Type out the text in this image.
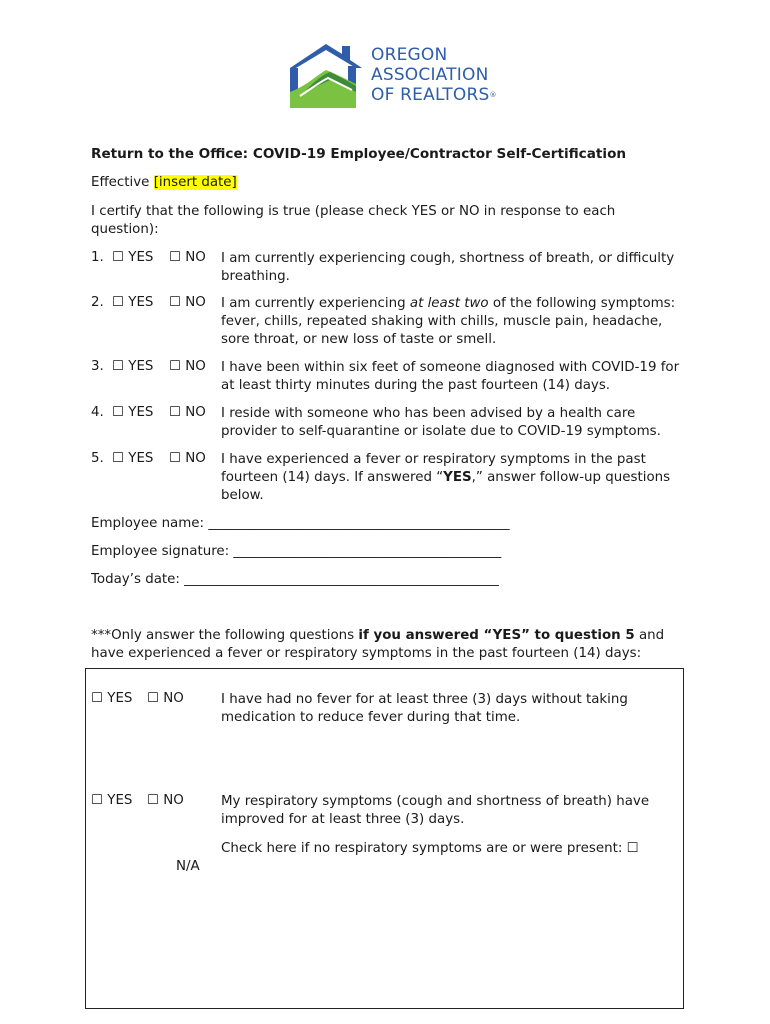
OREGON
ASSOCIATION
OF REALTORS®
Return to the Office: COVID-19 Employee/Contractor Self-Certification
Effective [insert date]
I certify that the following is true (please check YES or NO in response to each question):
1. ☐ YES ☐ NO I am currently experiencing cough, shortness of breath, or difficulty breathing.
2. ☐ YES ☐ NO I am currently experiencing at least two of the following symptoms: fever, chills, repeated shaking with chills, muscle pain, headache, sore throat, or new loss of taste or smell.
3. ☐ YES ☐ NO I have been within six feet of someone diagnosed with COVID-19 for at least thirty minutes during the past fourteen (14) days.
4. ☐ YES ☐ NO I reside with someone who has been advised by a health care provider to self-quarantine or isolate due to COVID-19 symptoms.
5. ☐ YES ☐ NO I have experienced a fever or respiratory symptoms in the past fourteen (14) days. If answered “YES,” answer follow-up questions below.
Employee name: _____________________________________________
Employee signature: ________________________________________
Today’s date: _______________________________________________
***Only answer the following questions if you answered “YES” to question 5 and have experienced a fever or respiratory symptoms in the past fourteen (14) days:
☐ YES ☐ NO	I have had no fever for at least three (3) days without taking medication to reduce fever during that time.
☐ YES ☐ NO	My respiratory symptoms (cough and shortness of breath) have improved for at least three (3) days.
Check here if no respiratory symptoms are or were present: ☐
N/A
